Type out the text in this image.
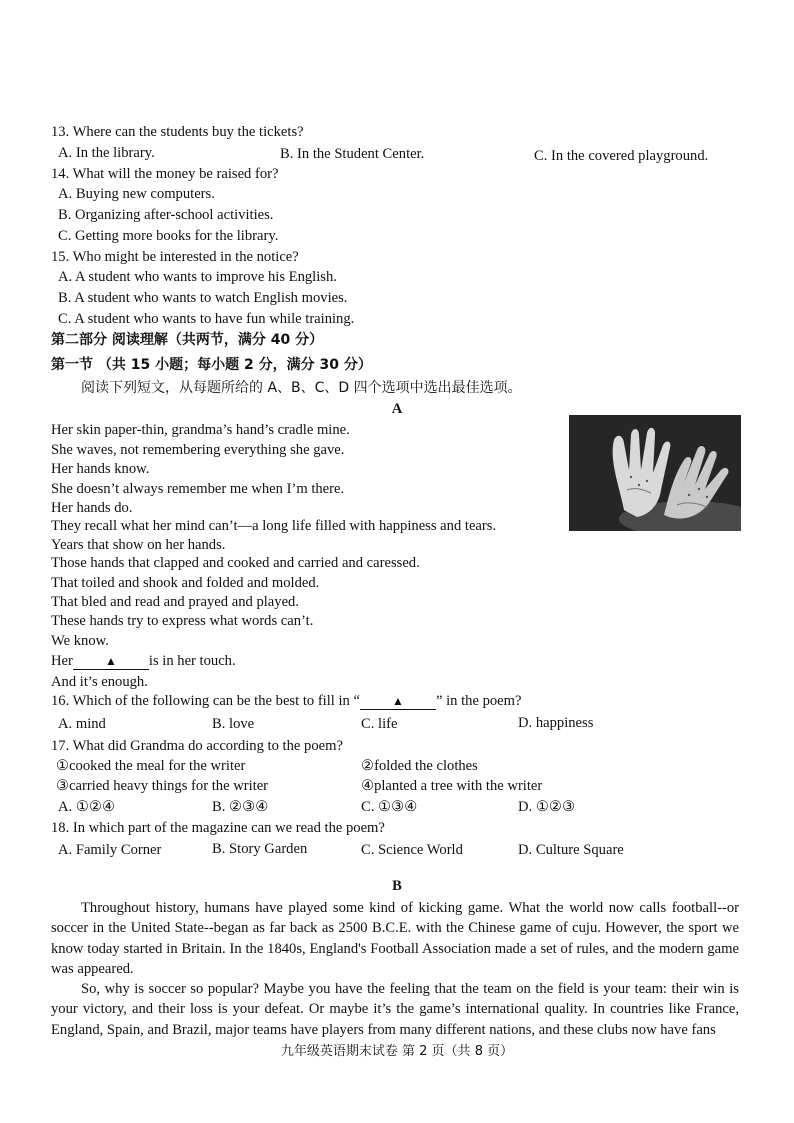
13. Where can the students buy the tickets?
A. In the library.	B. In the Student Center.	C. In the covered playground.
14. What will the money be raised for?
A. Buying new computers.
B. Organizing after-school activities.
C. Getting more books for the library.
15. Who might be interested in the notice?
A. A student who wants to improve his English.
B. A student who wants to watch English movies.
C. A student who wants to have fun while training.
第二部分 阅读理解（共两节，满分 40 分）
第一节 （共 15 小题；每小题 2 分，满分 30 分）
阅读下列短文，从每题所给的 A、B、C、D 四个选项中选出最佳选项。
A
Her skin paper-thin, grandma’s hand’s cradle mine.
She waves, not remembering everything she gave.
Her hands know.
She doesn’t always remember me when I’m there.
Her hands do.
They recall what her mind can’t—a long life filled with happiness and tears.
Years that show on her hands.
Those hands that clapped and cooked and carried and caressed.
That toiled and shook and folded and molded.
That bled and read and prayed and played.
These hands try to express what words can’t.
We know.
Her	▲ is in her touch.
And it’s enough.
16. Which of the following can be the best to fill in “	▲ ” in the poem?
A. mind	B. love	C. life	D. happiness
17. What did Grandma do according to the poem?
①cooked the meal for the writer	②folded the clothes
③carried heavy things for the writer	④planted a tree with the writer
A. ①②④	B. ②③④	C. ①③④	D. ①②③
18. In which part of the magazine can we read the poem?
A. Family Corner	B. Story Garden	C. Science World	D. Culture Square
B

Throughout history, humans have played some kind of kicking game. What the world now calls football--or soccer in the United State--began as far back as 2500 B.C.E. with the Chinese game of cuju. However, the sport we know today started in Britain. In the 1840s, England's Football Association made a set of rules, and the modern game was appeared.

So, why is soccer so popular? Maybe you have the feeling that the team on the field is your team: their win is your victory, and their loss is your defeat. Or maybe it’s the game’s international quality. In countries like France, England, Spain, and Brazil, major teams have players from many different nations, and these clubs now have fans

九年级英语期末试卷 第 2 页（共 8 页）
